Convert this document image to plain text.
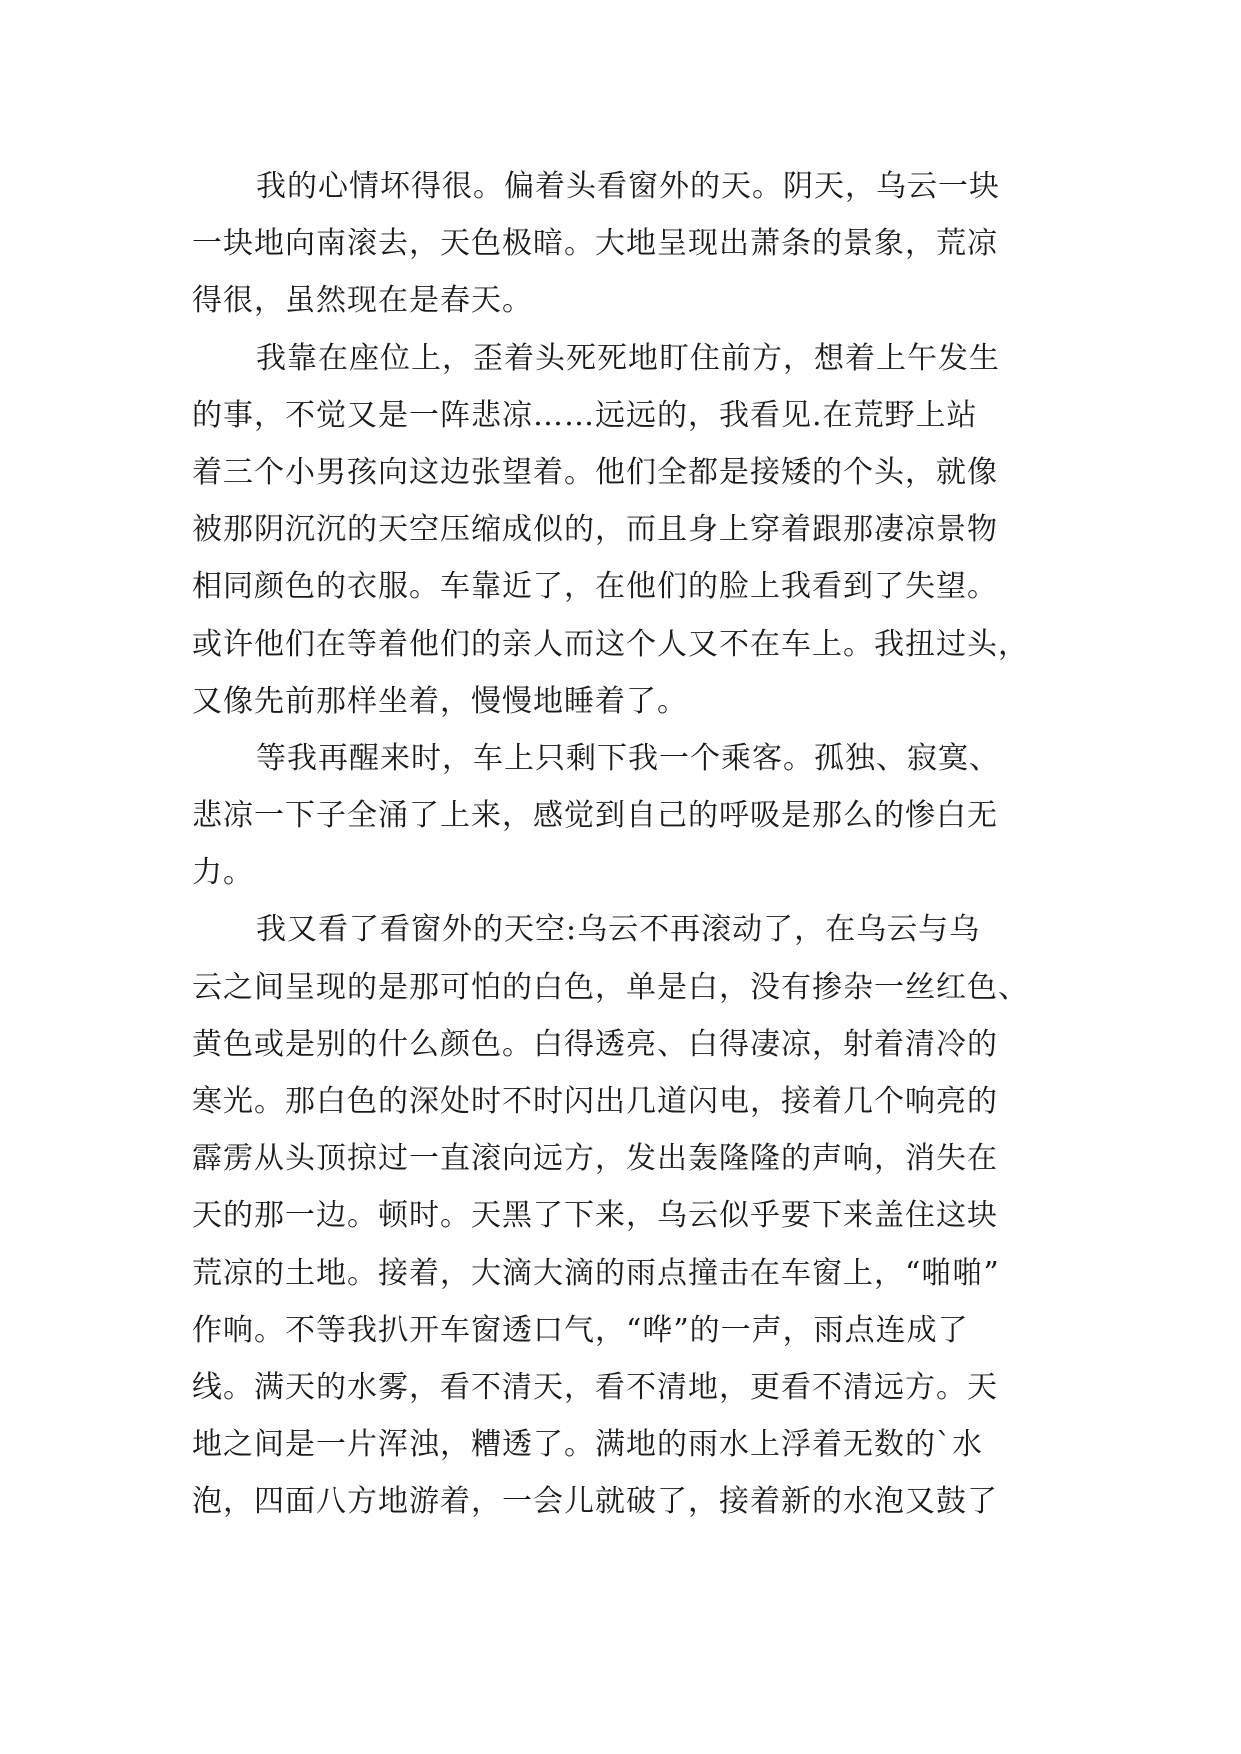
我的心情坏得很。偏着头看窗外的天。阴天，乌云一块
一块地向南滚去，天色极暗。大地呈现出萧条的景象，荒凉
得很，虽然现在是春天。
我靠在座位上，歪着头死死地盯住前方，想着上午发生
的事，不觉又是一阵悲凉……远远的，我看见.在荒野上站
着三个小男孩向这边张望着。他们全都是接矮的个头，就像
被那阴沉沉的天空压缩成似的，而且身上穿着跟那凄凉景物
相同颜色的衣服。车靠近了，在他们的脸上我看到了失望。
或许他们在等着他们的亲人而这个人又不在车上。我扭过头，
又像先前那样坐着，慢慢地睡着了。
等我再醒来时，车上只剩下我一个乘客。孤独、寂寞、
悲凉一下子全涌了上来，感觉到自己的呼吸是那么的惨白无
力。
我又看了看窗外的天空:乌云不再滚动了，在乌云与乌
云之间呈现的是那可怕的白色，单是白，没有掺杂一丝红色、
黄色或是别的什么颜色。白得透亮、白得凄凉，射着清冷的
寒光。那白色的深处时不时闪出几道闪电，接着几个响亮的
霹雳从头顶掠过一直滚向远方，发出轰隆隆的声响，消失在
天的那一边。顿时。天黑了下来，乌云似乎要下来盖住这块
荒凉的土地。接着，大滴大滴的雨点撞击在车窗上，“啪啪”
作响。不等我扒开车窗透口气，“哗”的一声，雨点连成了
线。满天的水雾，看不清天，看不清地，更看不清远方。天
地之间是一片浑浊，糟透了。满地的雨水上浮着无数的`水
泡，四面八方地游着，一会儿就破了，接着新的水泡又鼓了
